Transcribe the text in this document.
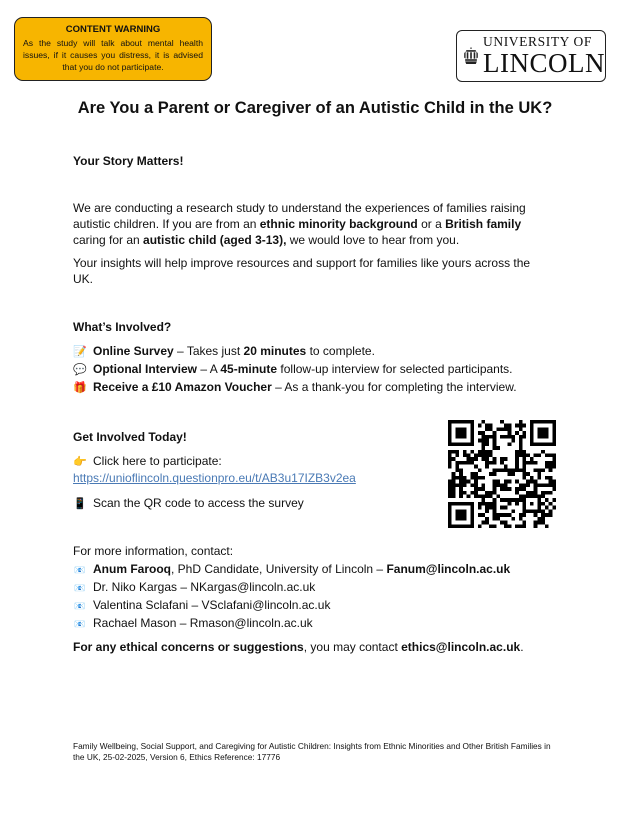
CONTENT WARNING
As the study will talk about mental health issues, if it causes you distress, it is advised that you do not participate.
UNIVERSITY OF
LINCOLN
Are You a Parent or Caregiver of an Autistic Child in the UK?
Your Story Matters!
We are conducting a research study to understand the experiences of families raising autistic children. If you are from an ethnic minority background or a British family caring for an autistic child (aged 3-13), we would love to hear from you.
Your insights will help improve resources and support for families like yours across the UK.
What’s Involved?
📝 Online Survey – Takes just 20 minutes to complete.
💬 Optional Interview – A 45-minute follow-up interview for selected participants.
🎁 Receive a £10 Amazon Voucher – As a thank-you for completing the interview.
Get Involved Today!
👉 Click here to participate:
https://unioflincoln.questionpro.eu/t/AB3u17IZB3v2ea
📱 Scan the QR code to access the survey
For more information, contact:
📧 Anum Farooq, PhD Candidate, University of Lincoln – Fanum@lincoln.ac.uk
📧 Dr. Niko Kargas – NKargas@lincoln.ac.uk
📧 Valentina Sclafani – VSclafani@lincoln.ac.uk
📧 Rachael Mason – Rmason@lincoln.ac.uk
For any ethical concerns or suggestions, you may contact ethics@lincoln.ac.uk.
Family Wellbeing, Social Support, and Caregiving for Autistic Children: Insights from Ethnic Minorities and Other British Families in the UK, 25-02-2025, Version 6, Ethics Reference: 17776
